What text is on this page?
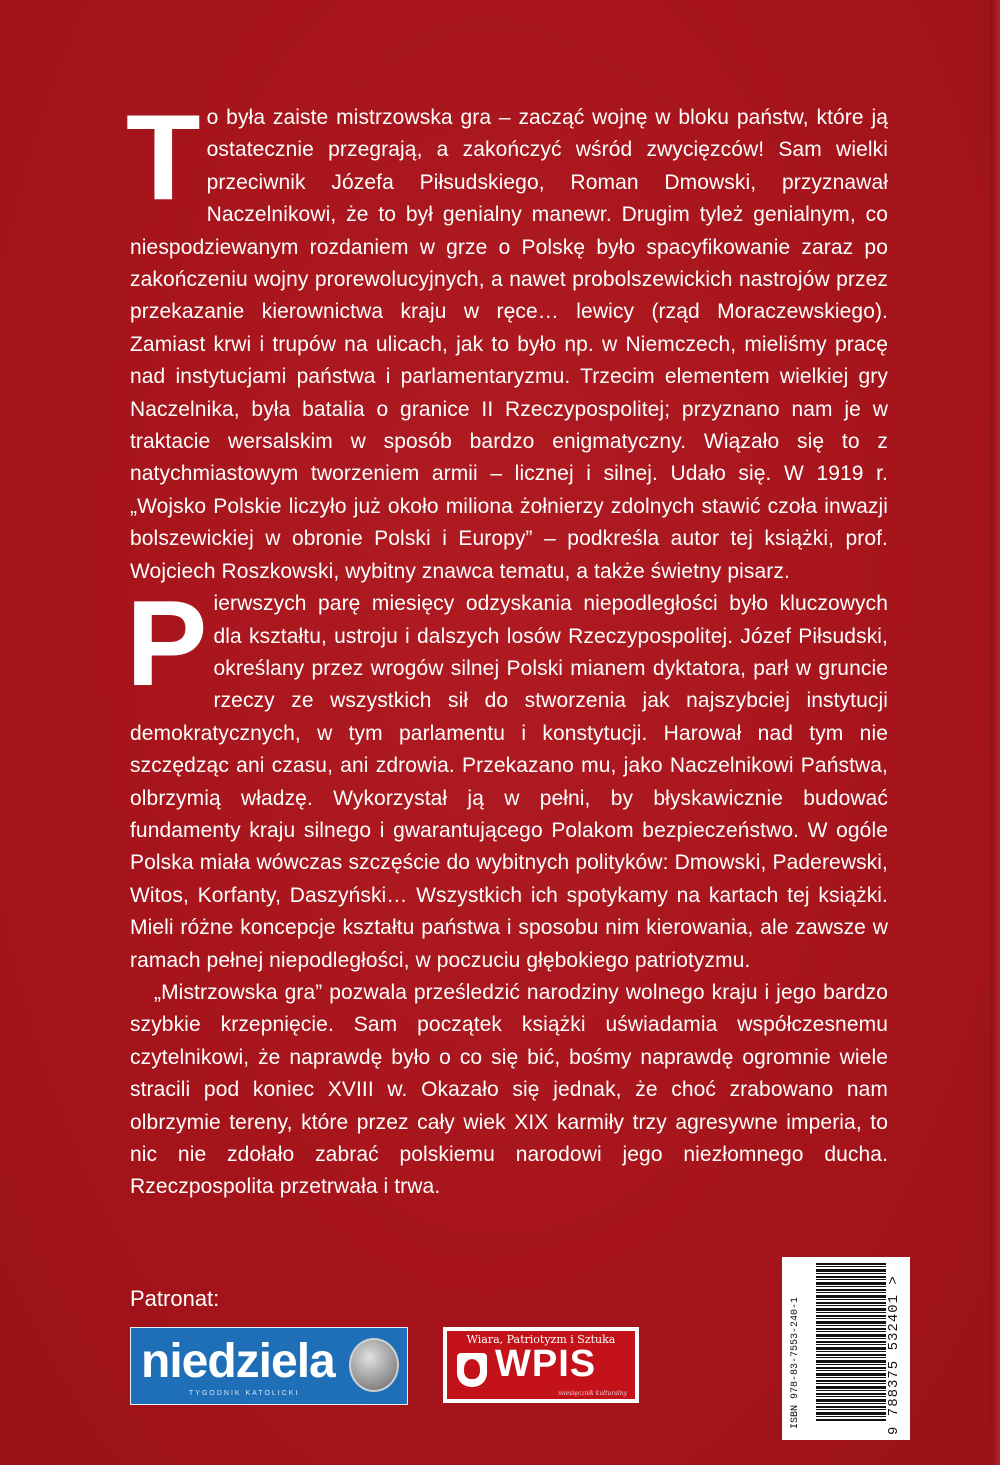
To była zaiste mistrzowska gra – zacząć wojnę w bloku państw, które ją ostatecznie przegrają, a zakończyć wśród zwycięzców! Sam wielki przeciwnik Józefa Piłsudskiego, Roman Dmowski, przyznawał Naczelnikowi, że to był genialny manewr. Drugim tyleż genialnym, co niespodziewanym rozdaniem w grze o Polskę było spacyfikowanie zaraz po zakończeniu wojny prorewolucyjnych, a nawet probolszewickich nastrojów przez przekazanie kierownictwa kraju w ręce… lewicy (rząd Moraczewskiego). Zamiast krwi i trupów na ulicach, jak to było np. w Niemczech, mieliśmy pracę nad instytucjami państwa i parlamentaryzmu. Trzecim elementem wielkiej gry Naczelnika, była batalia o granice II Rzeczypospolitej; przyznano nam je w traktacie wersalskim w sposób bardzo enigmatyczny. Wiązało się to z natychmiastowym tworzeniem armii – licznej i silnej. Udało się. W 1919 r. „Wojsko Polskie liczyło już około miliona żołnierzy zdolnych stawić czoła inwazji bolszewickiej w obronie Polski i Europy” – podkreśla autor tej książki, prof. Wojciech Roszkowski, wybitny znawca tematu, a także świetny pisarz.

Pierwszych parę miesięcy odzyskania niepodległości było kluczowych dla kształtu, ustroju i dalszych losów Rzeczypospolitej. Józef Piłsudski, określany przez wrogów silnej Polski mianem dyktatora, parł w gruncie rzeczy ze wszystkich sił do stworzenia jak najszybciej instytucji demokratycznych, w tym parlamentu i konstytucji. Harował nad tym nie szczędząc ani czasu, ani zdrowia. Przekazano mu, jako Naczelnikowi Państwa, olbrzymią władzę. Wykorzystał ją w pełni, by błyskawicznie budować fundamenty kraju silnego i gwarantującego Polakom bezpieczeństwo. W ogóle Polska miała wówczas szczęście do wybitnych polityków: Dmowski, Paderewski, Witos, Korfanty, Daszyński… Wszystkich ich spotykamy na kartach tej książki. Mieli różne koncepcje kształtu państwa i sposobu nim kierowania, ale zawsze w ramach pełnej niepodległości, w poczuciu głębokiego patriotyzmu.

„Mistrzowska gra” pozwala prześledzić narodziny wolnego kraju i jego bardzo szybkie krzepnięcie. Sam początek książki uświadamia współczesnemu czytelnikowi, że naprawdę było o co się bić, bośmy naprawdę ogromnie wiele stracili pod koniec XVIII w. Okazało się jednak, że choć zrabowano nam olbrzymie tereny, które przez cały wiek XIX karmiły trzy agresywne imperia, to nic nie zdołało zabrać polskiemu narodowi jego niezłomnego ducha. Rzeczpospolita przetrwała i trwa.

Patronat:
niedziela
TYGODNIK KATOLICKI
Wiara, Patriotyzm i Sztuka
WPIS
miesięcznik kulturalny	ISBN 978-83-7553-240-1	9 788375 532401 >
